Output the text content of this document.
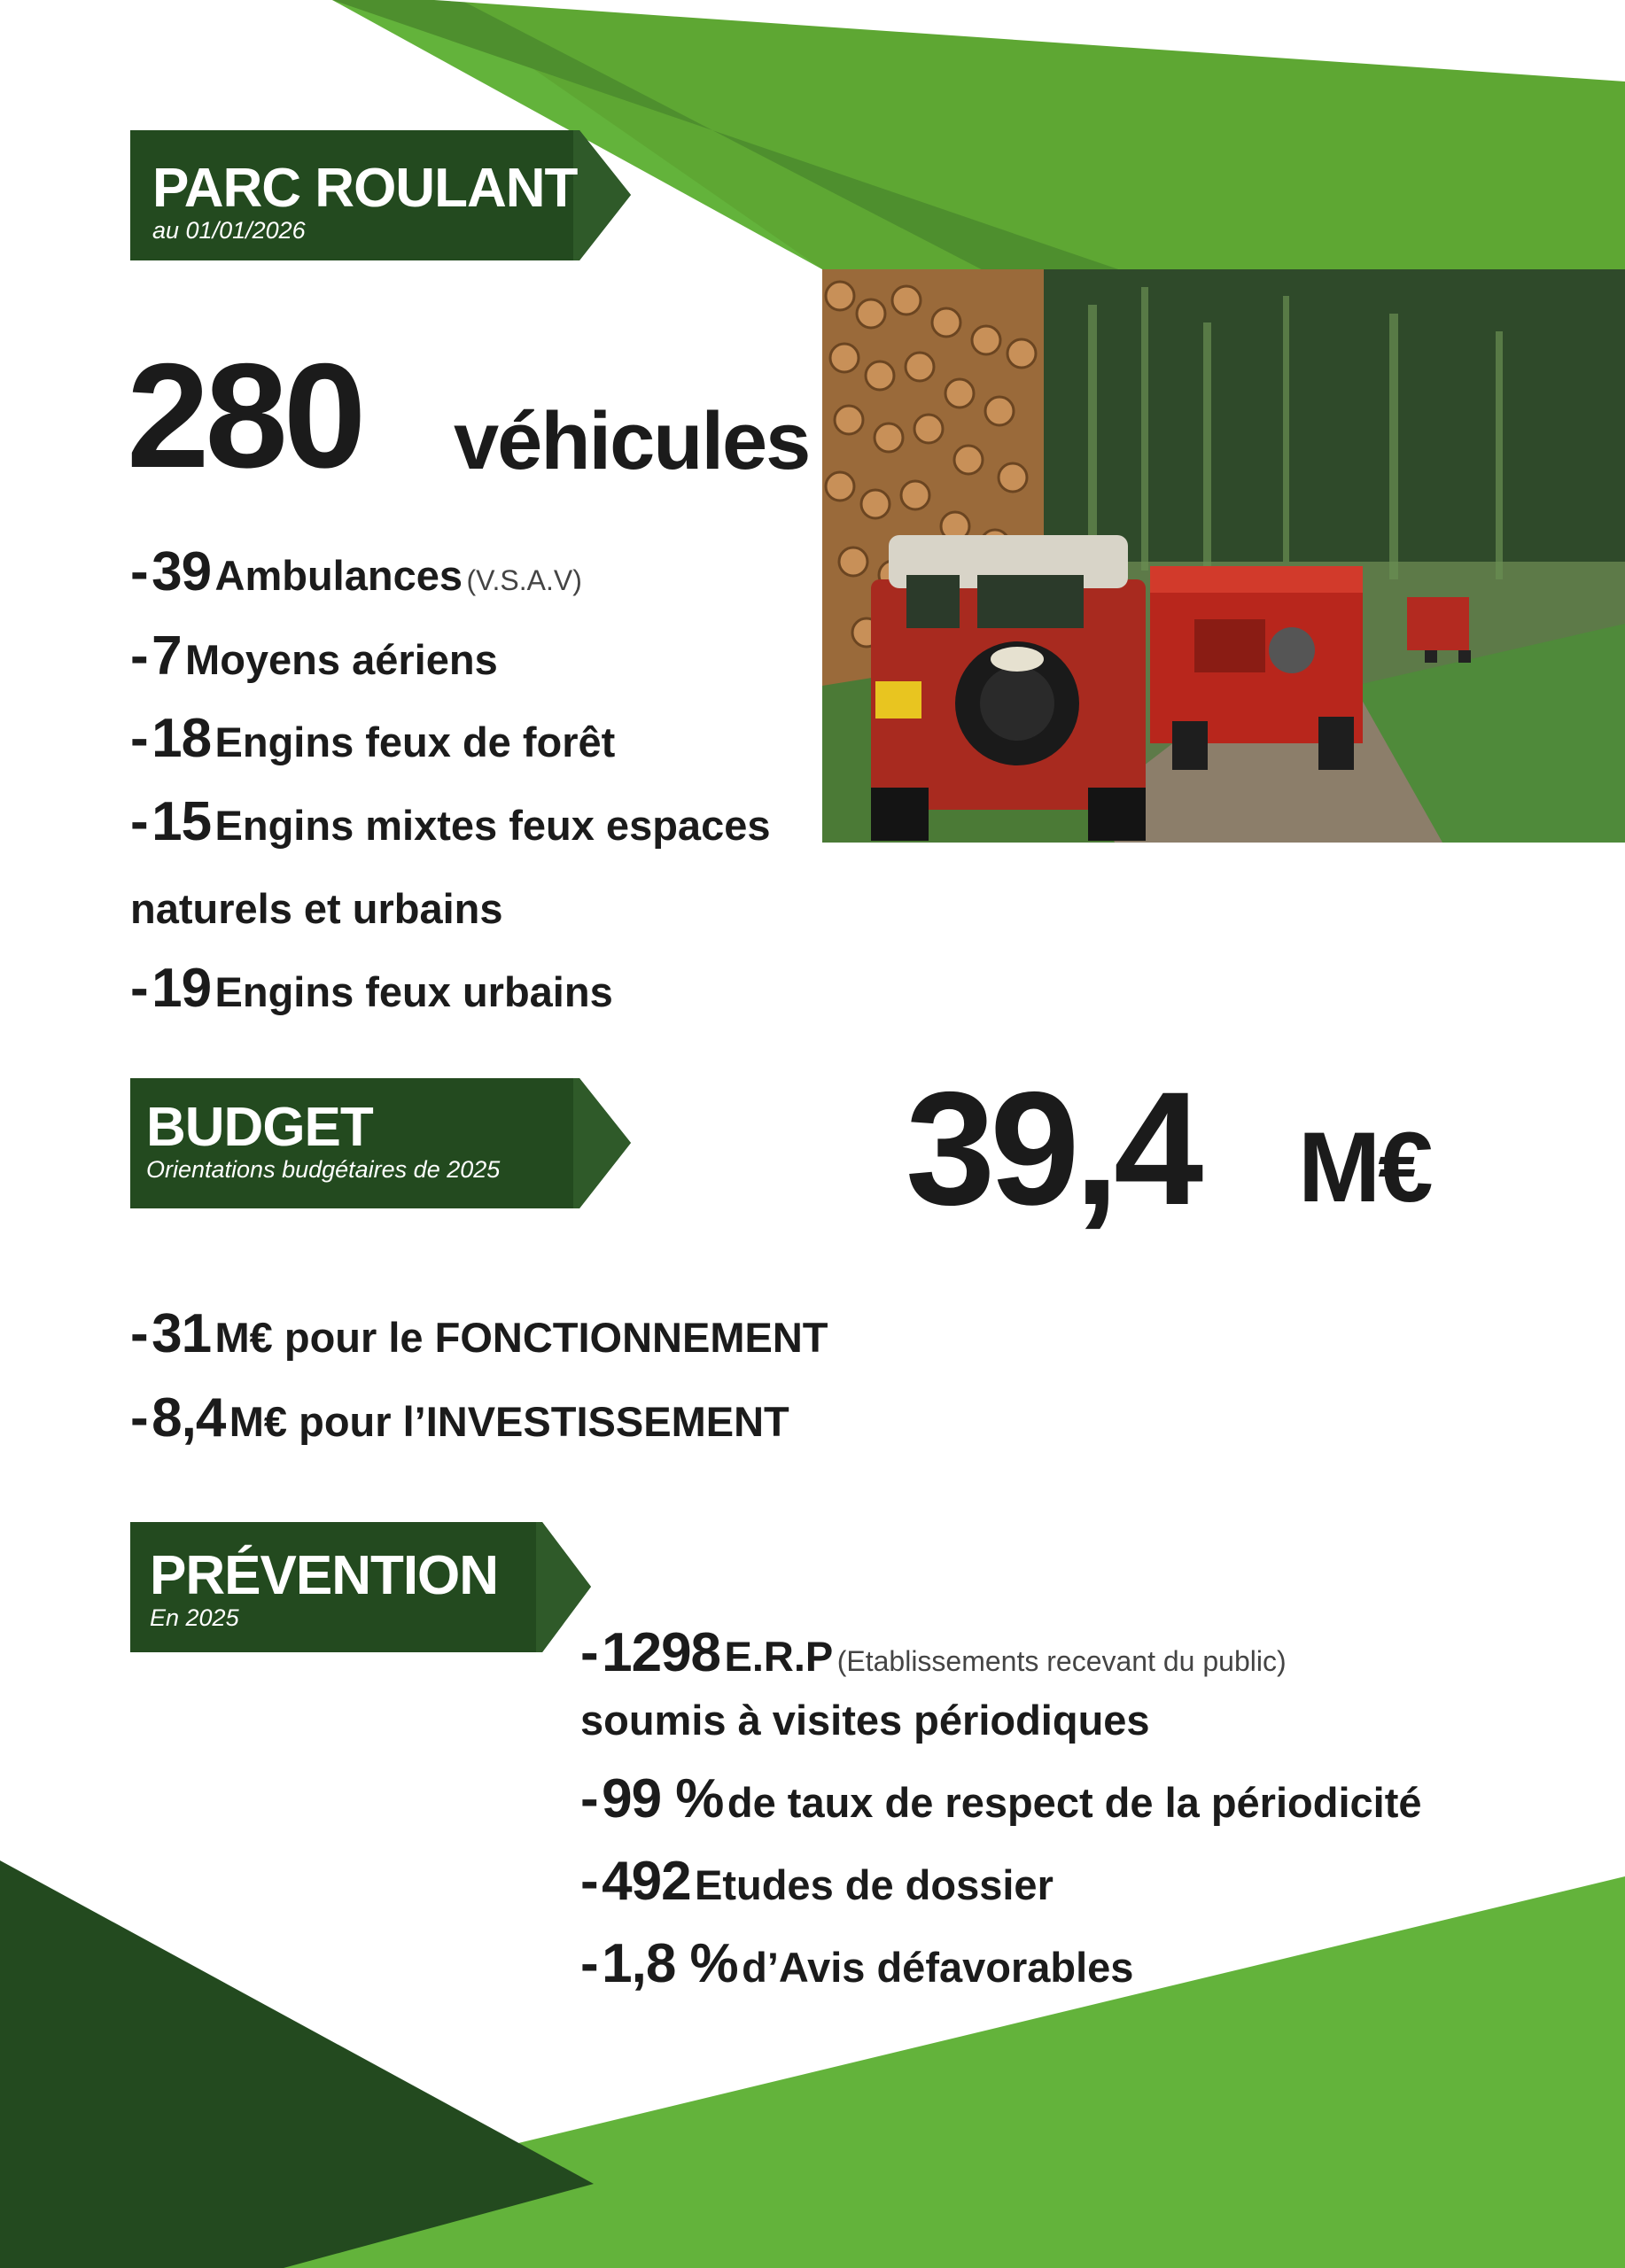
PARC ROULANT
au 01/01/2026
280 véhicules
- 39 Ambulances (V.S.A.V)
- 7 Moyens aériens
- 18 Engins feux de forêt
- 15 Engins mixtes feux espaces
naturels et urbains
- 19 Engins feux urbains
BUDGET
Orientations budgétaires de 2025	39,4 M€
- 31 M€ pour le FONCTIONNEMENT
- 8,4 M€ pour l’INVESTISSEMENT
PRÉVENTION
En 2025
- 1298 E.R.P (Etablissements recevant du public)
soumis à visites périodiques
- 99 % de taux de respect de la périodicité
- 492 Etudes de dossier
- 1,8 % d’Avis défavorables
